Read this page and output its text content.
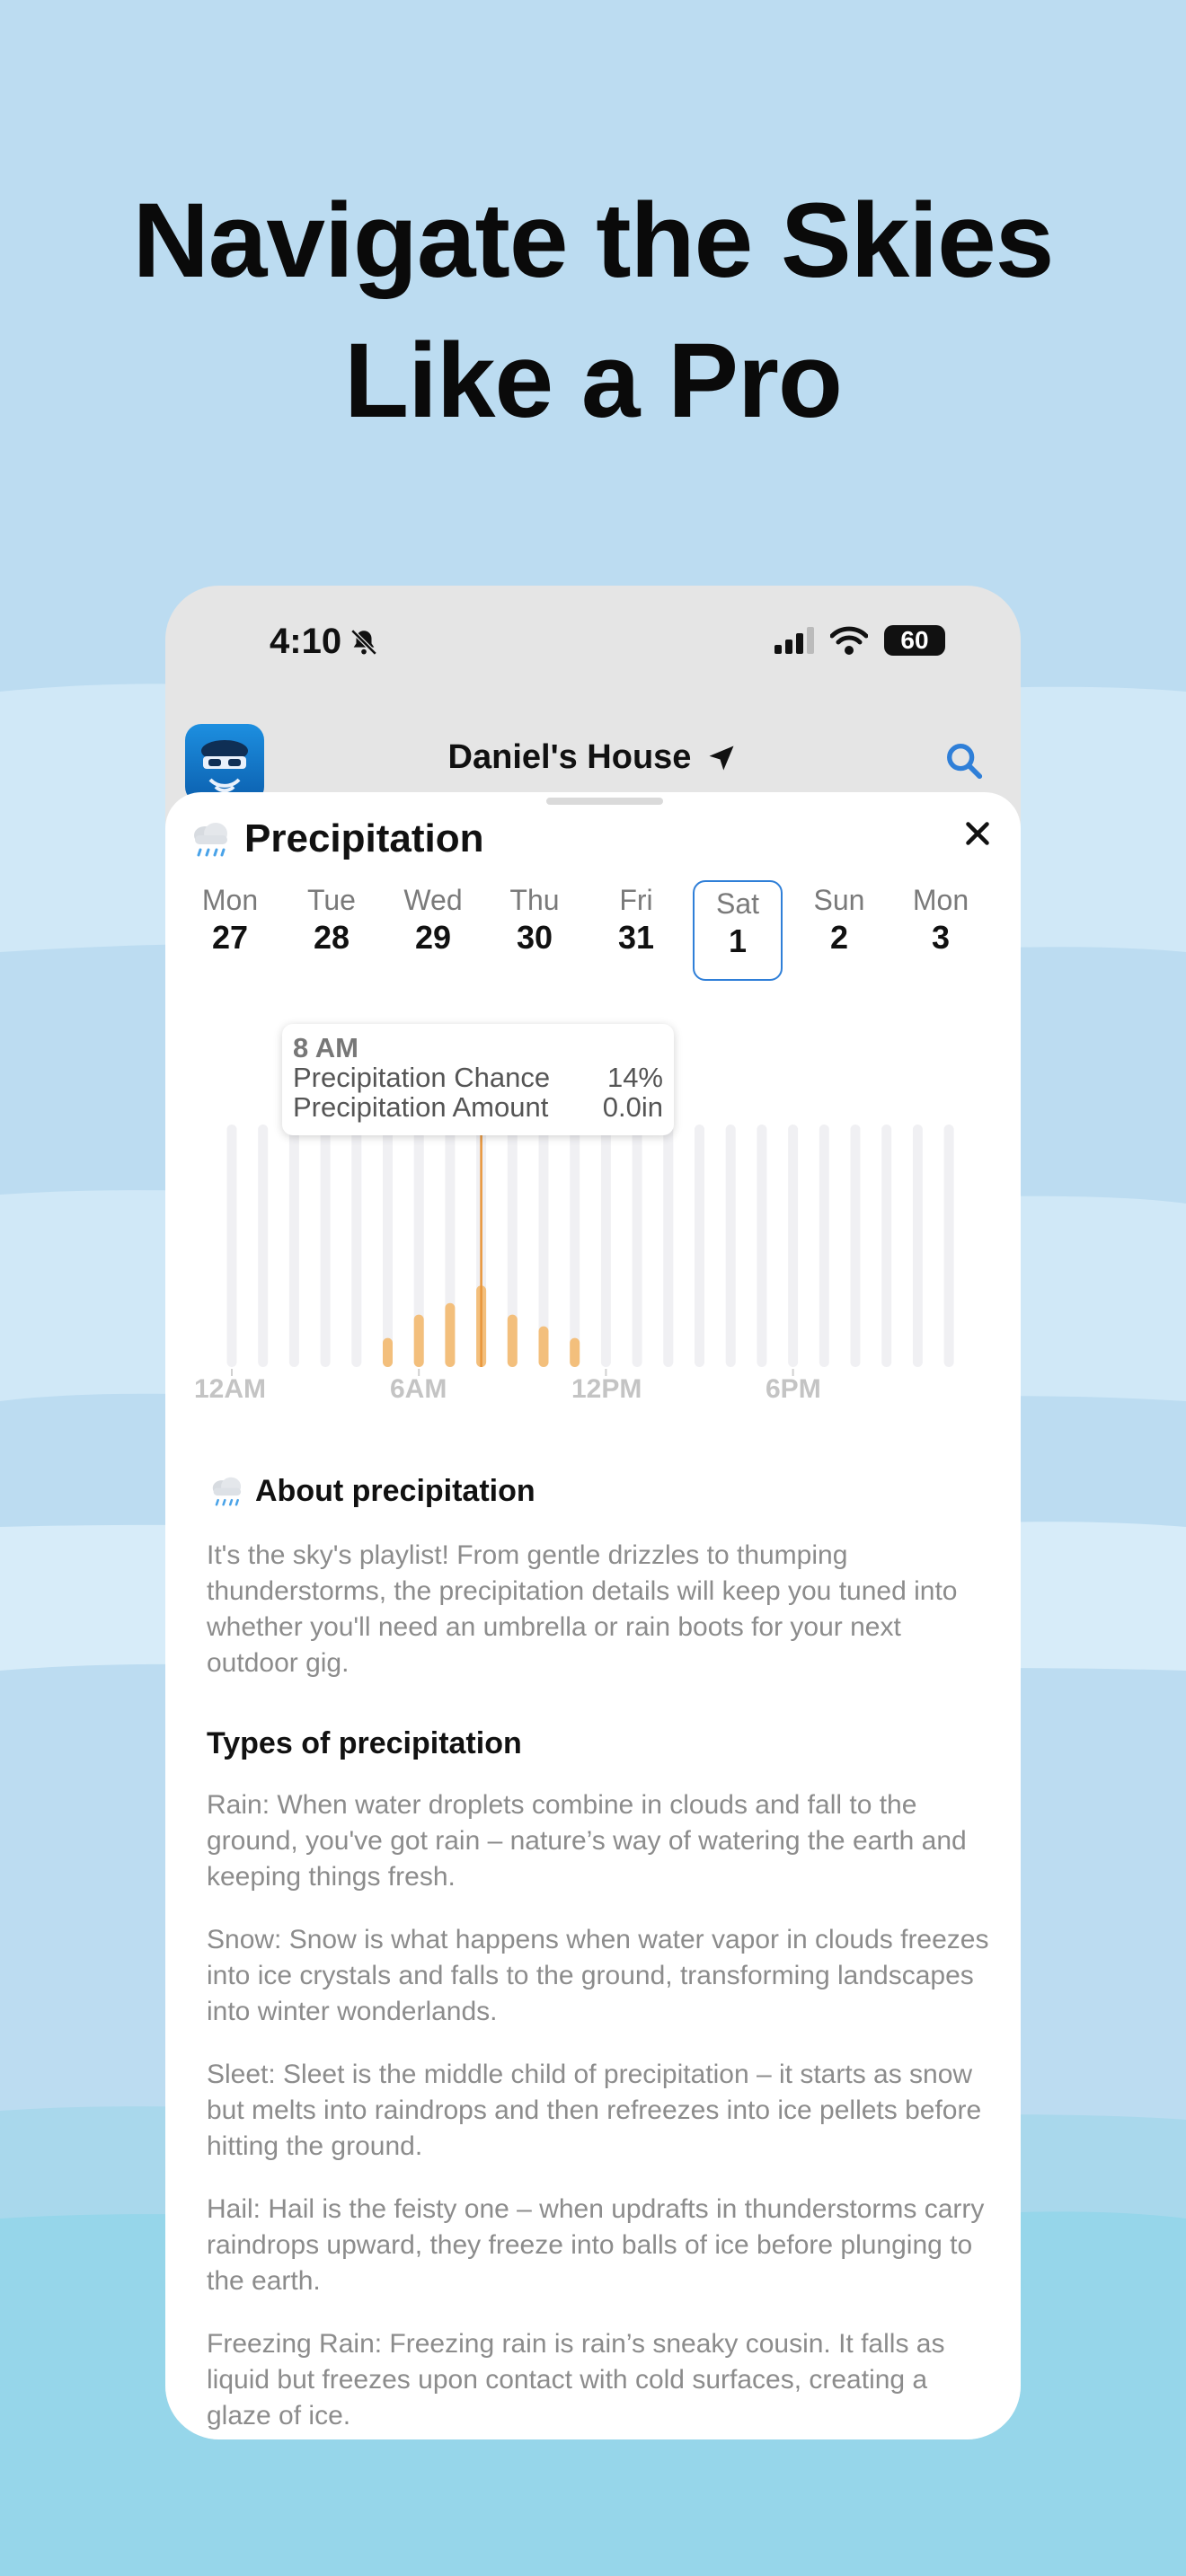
Navigate the Skies
Like a Pro
4:10	60
Daniel's House
Precipitation
Mon
27
Tue
28
Wed
29
Thu
30
Fri
31
Sat
1
Sun
2
Mon
3
8 AM
Precipitation Chance 14%
Precipitation Amount 0.0in
12AM	6AM	12PM	6PM
About precipitation

It's the sky's playlist! From gentle drizzles to thumping thunderstorms, the precipitation details will keep you tuned into whether you'll need an umbrella or rain boots for your next outdoor gig.

Types of precipitation

Rain: When water droplets combine in clouds and fall to the ground, you've got rain – nature’s way of watering the earth and keeping things fresh.

Snow: Snow is what happens when water vapor in clouds freezes into ice crystals and falls to the ground, transforming landscapes into winter wonderlands.

Sleet: Sleet is the middle child of precipitation – it starts as snow but melts into raindrops and then refreezes into ice pellets before hitting the ground.

Hail: Hail is the feisty one – when updrafts in thunderstorms carry raindrops upward, they freeze into balls of ice before plunging to the earth.

Freezing Rain: Freezing rain is rain’s sneaky cousin. It falls as liquid but freezes upon contact with cold surfaces, creating a glaze of ice.
